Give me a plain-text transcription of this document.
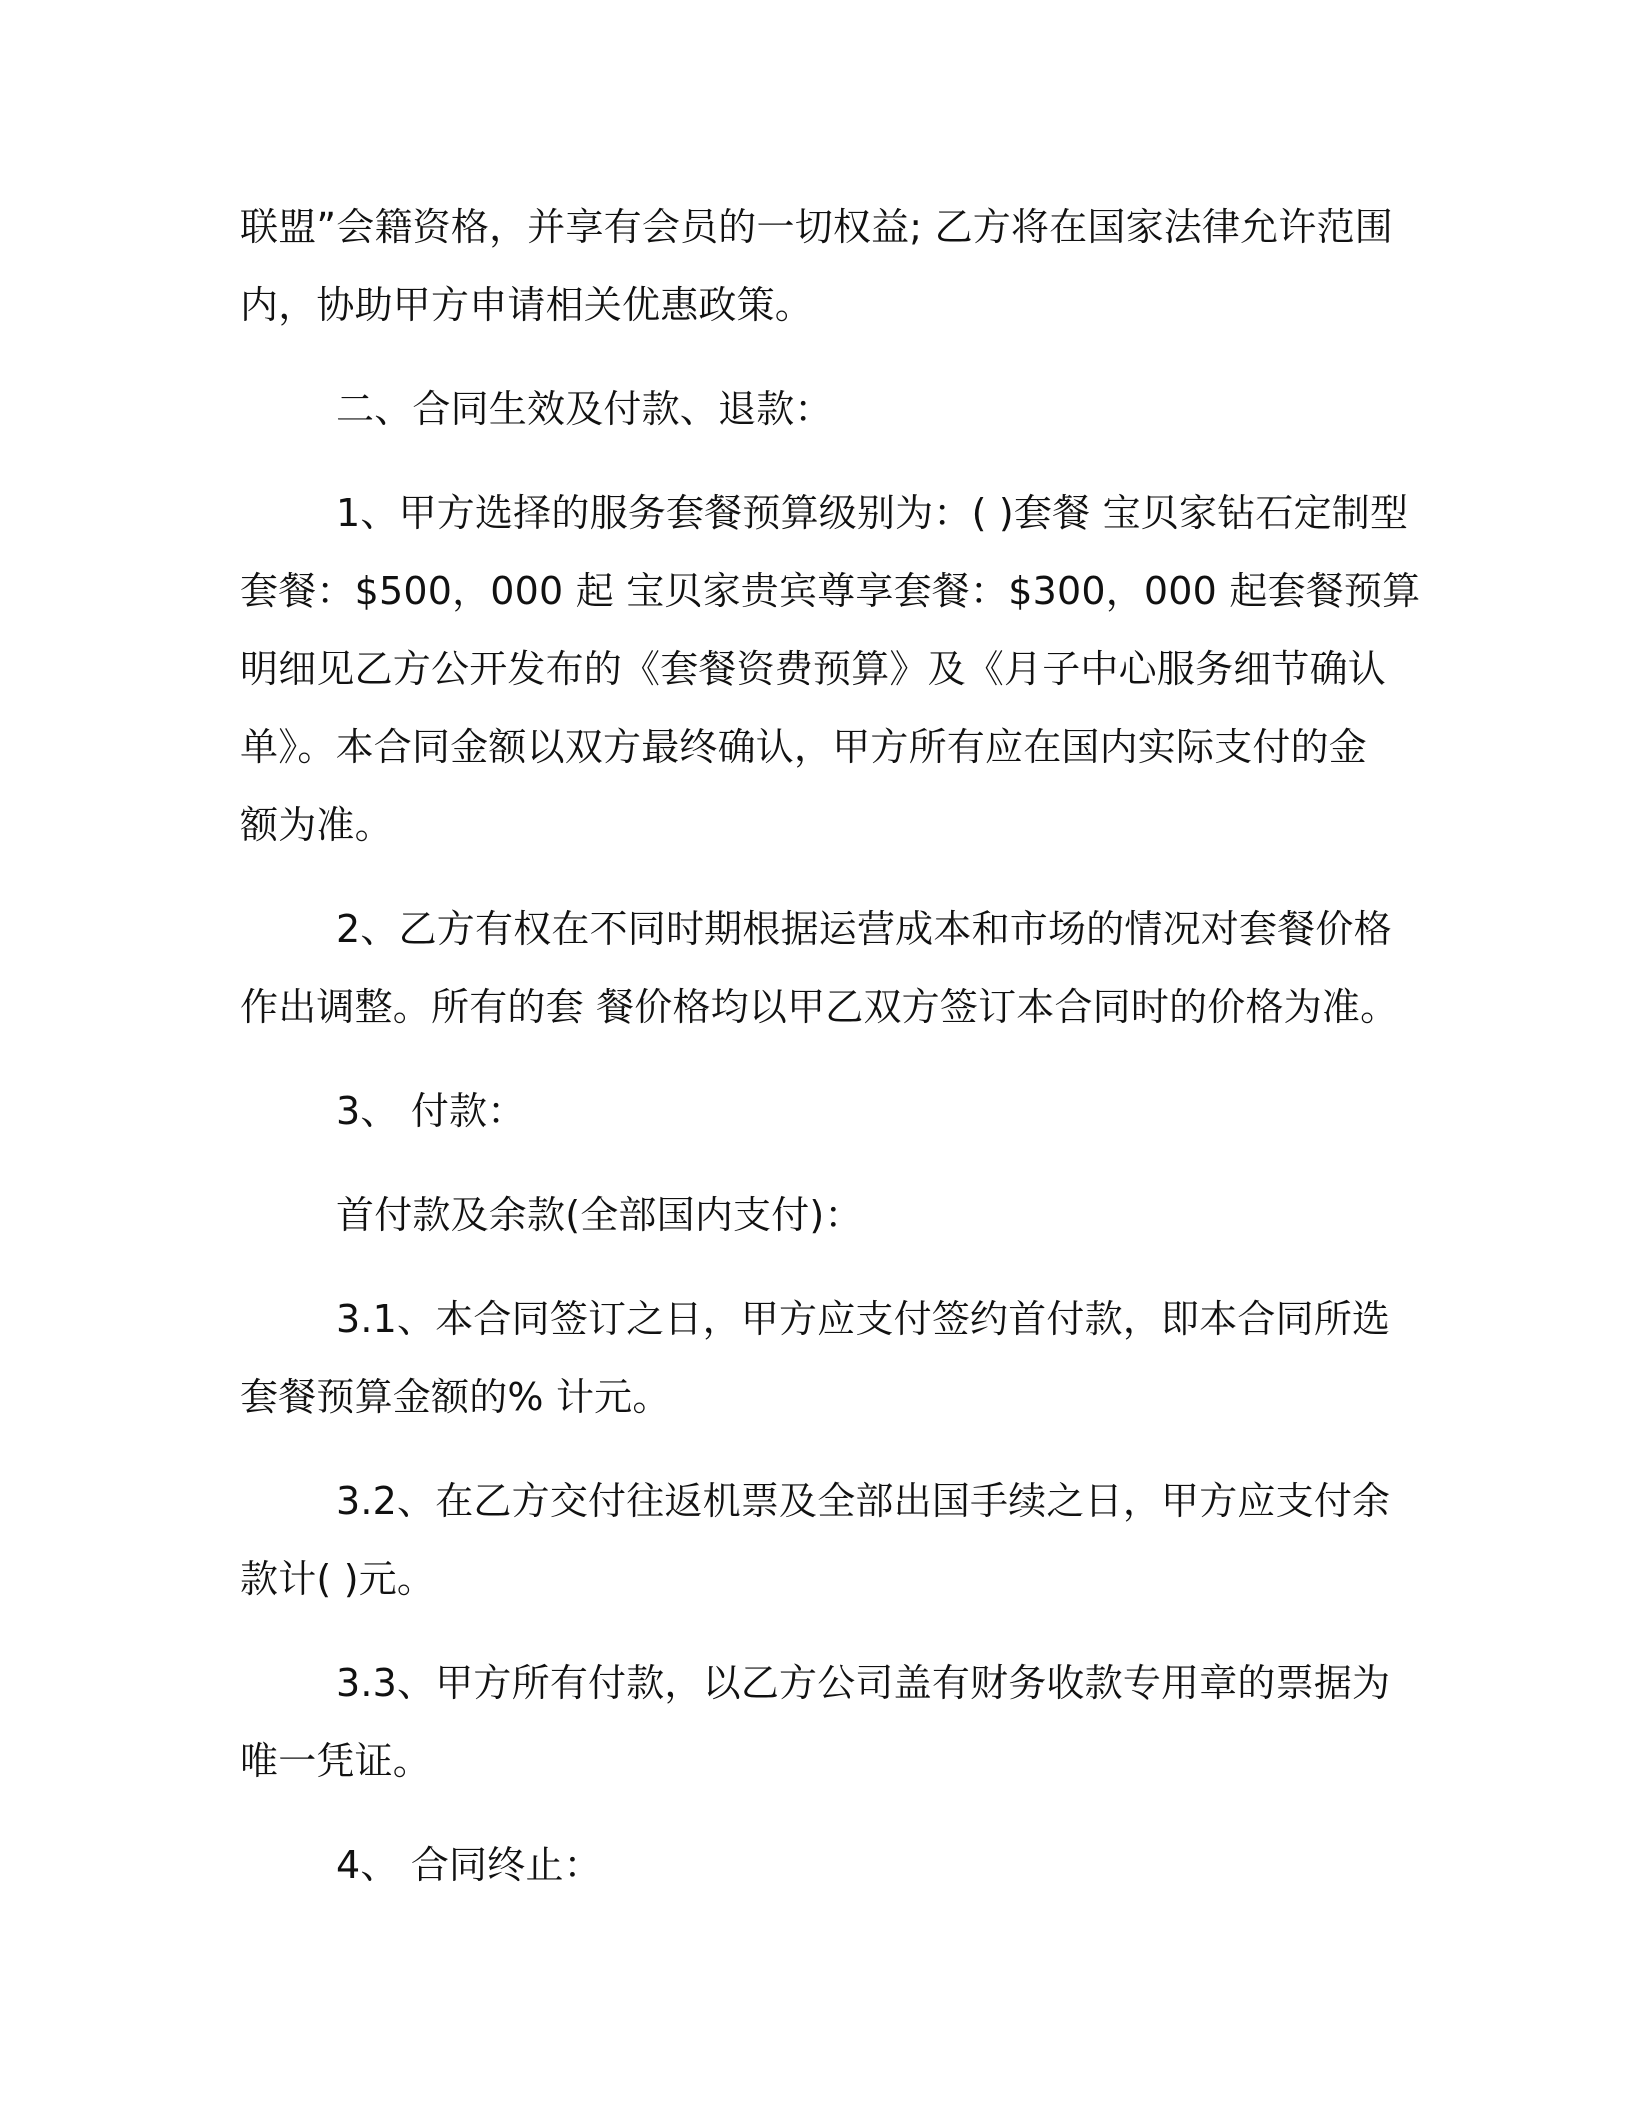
联盟”会籍资格，并享有会员的一切权益; 乙方将在国家法律允许范围
内，协助甲方申请相关优惠政策。

二、合同生效及付款、退款：

1、甲方选择的服务套餐预算级别为：( )套餐 宝贝家钻石定制型
套餐：$500，000 起 宝贝家贵宾尊享套餐：$300，000 起套餐预算
明细见乙方公开发布的《套餐资费预算》及《月子中心服务细节确认
单》。本合同金额以双方最终确认，甲方所有应在国内实际支付的金
额为准。

2、乙方有权在不同时期根据运营成本和市场的情况对套餐价格
作出调整。所有的套 餐价格均以甲乙双方签订本合同时的价格为准。

3、 付款：

首付款及余款(全部国内支付)：

3.1、本合同签订之日，甲方应支付签约首付款，即本合同所选
套餐预算金额的% 计元。

3.2、在乙方交付往返机票及全部出国手续之日，甲方应支付余
款计( )元。

3.3、甲方所有付款，以乙方公司盖有财务收款专用章的票据为
唯一凭证。

4、 合同终止：
